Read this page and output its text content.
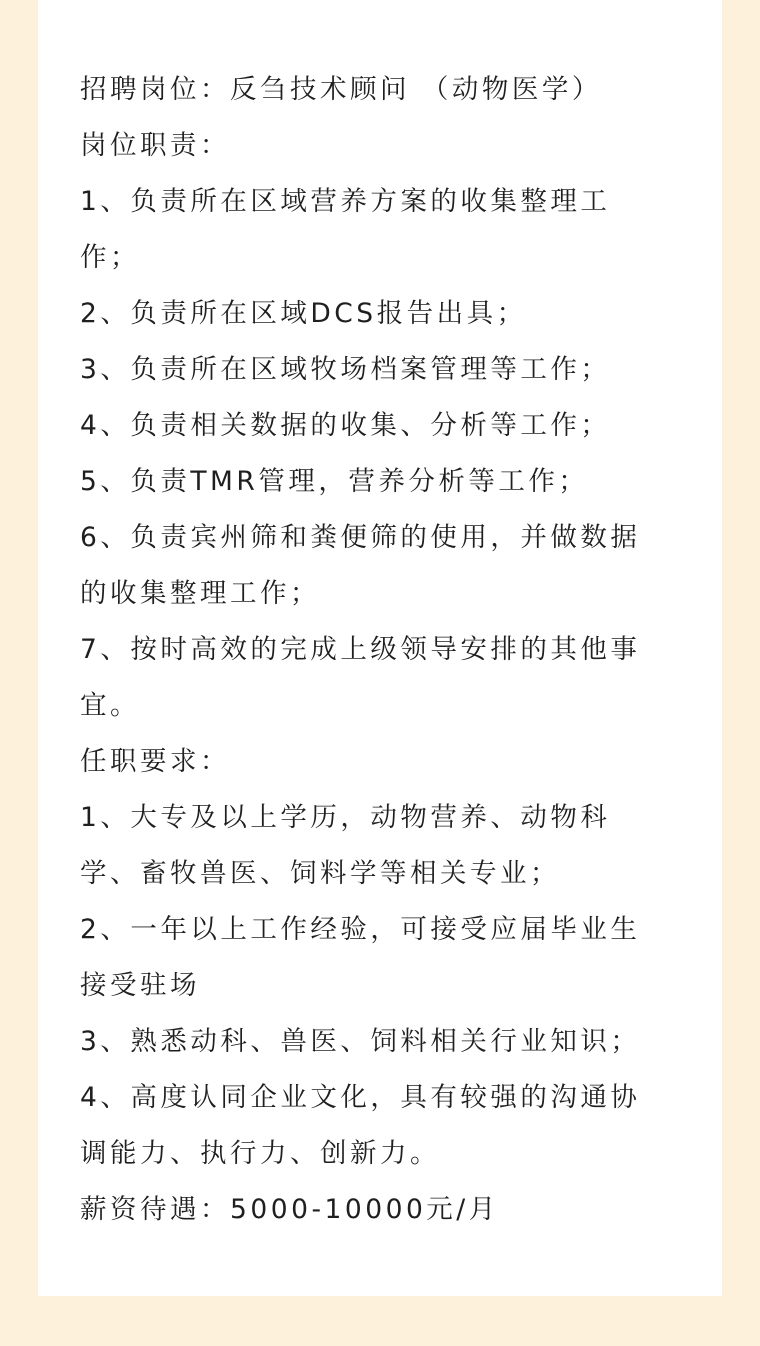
招聘岗位：反刍技术顾问 （动物医学）
岗位职责：
1、负责所在区域营养方案的收集整理工
作；
2、负责所在区域DCS报告出具；
3、负责所在区域牧场档案管理等工作；
4、负责相关数据的收集、分析等工作；
5、负责TMR管理，营养分析等工作；
6、负责宾州筛和粪便筛的使用，并做数据
的收集整理工作；
7、按时高效的完成上级领导安排的其他事
宜。
任职要求：
1、大专及以上学历，动物营养、动物科
学、畜牧兽医、饲料学等相关专业；
2、一年以上工作经验，可接受应届毕业生
接受驻场
3、熟悉动科、兽医、饲料相关行业知识；
4、高度认同企业文化，具有较强的沟通协
调能力、执行力、创新力。
薪资待遇：5000-10000元/月
